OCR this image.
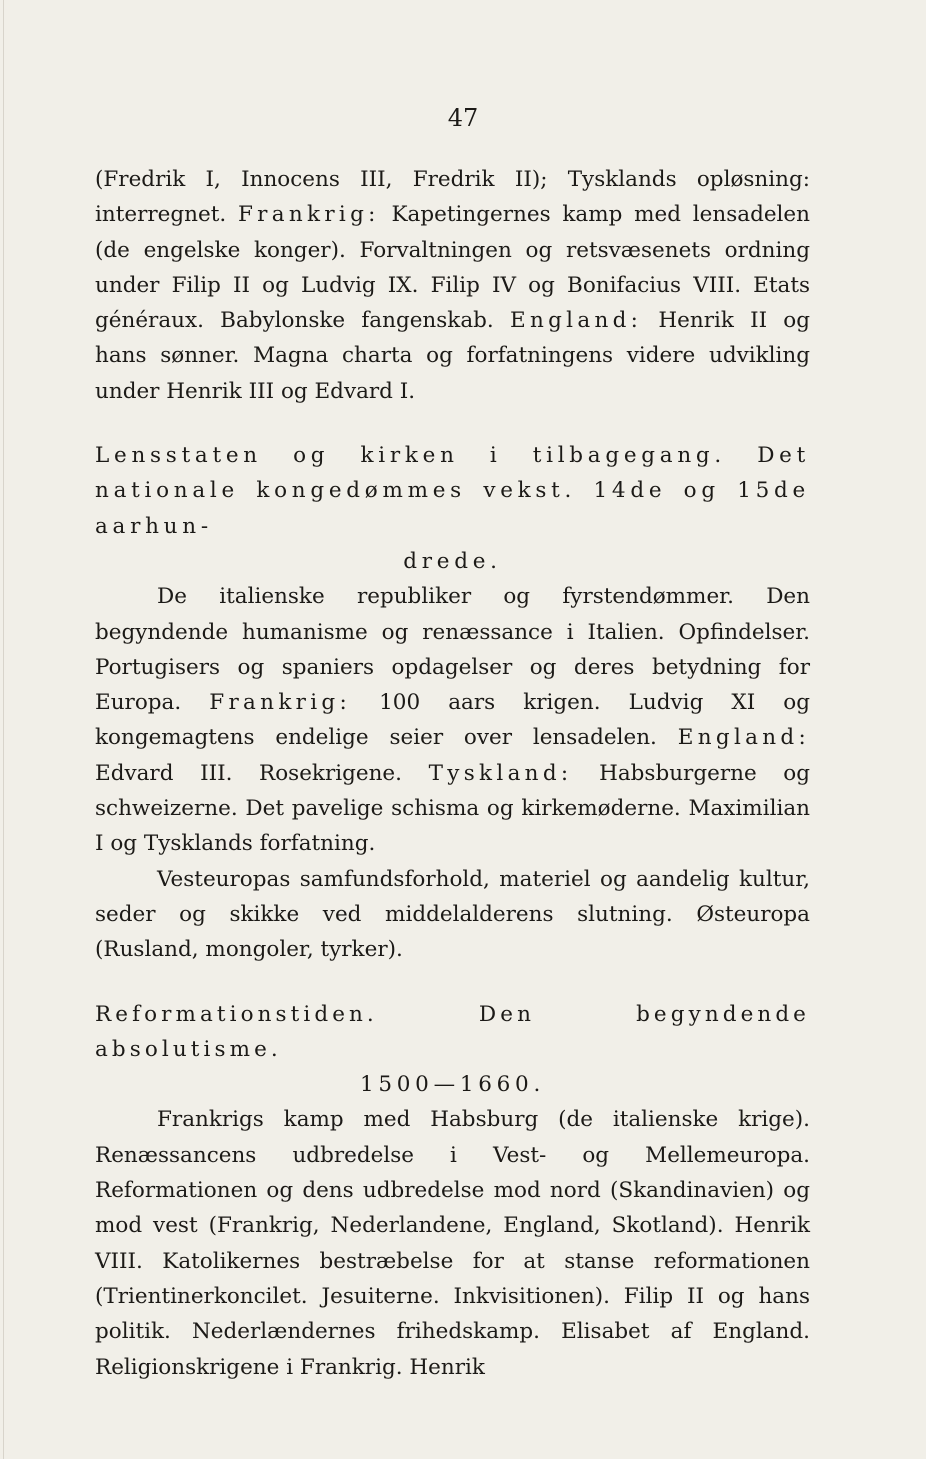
47

(Fredrik I, Innocens III, Fredrik II); Tysklands opløsning: interregnet. Frankrig: Kapetingernes kamp med lensadelen (de engelske konger). Forvaltningen og retsvæsenets ordning under Filip II og Ludvig IX. Filip IV og Bonifacius VIII. Etats généraux. Babylonske fangenskab. England: Henrik II og hans sønner. Magna charta og forfatningens videre udvikling under Henrik III og Edvard I.

Lensstaten og kirken i tilbagegang. Det nationale kongedømmes vekst. 14de og 15de aarhun-
drede.

De italienske republiker og fyrstendømmer. Den begyndende humanisme og renæssance i Italien. Opfindelser. Portugisers og spaniers opdagelser og deres betydning for Europa. Frankrig: 100 aars krigen. Ludvig XI og kongemagtens endelige seier over lensadelen. England: Edvard III. Rosekrigene. Tyskland: Habsburgerne og schweizerne. Det pavelige schisma og kirkemøderne. Maximilian I og Tysklands forfatning.

Vesteuropas samfundsforhold, materiel og aandelig kultur, seder og skikke ved middelalderens slutning. Østeuropa (Rusland, mongoler, tyrker).

Reformationstiden. Den begyndende absolutisme.
1500—1660.

Frankrigs kamp med Habsburg (de italienske krige). Renæssancens udbredelse i Vest- og Mellemeuropa. Reformationen og dens udbredelse mod nord (Skandinavien) og mod vest (Frankrig, Nederlandene, England, Skotland). Henrik VIII. Katolikernes bestræbelse for at stanse reformationen (Trientinerkoncilet. Jesuiterne. Inkvisitionen). Filip II og hans politik. Nederlændernes frihedskamp. Elisabet af England. Religionskrigene i Frankrig. Henrik
